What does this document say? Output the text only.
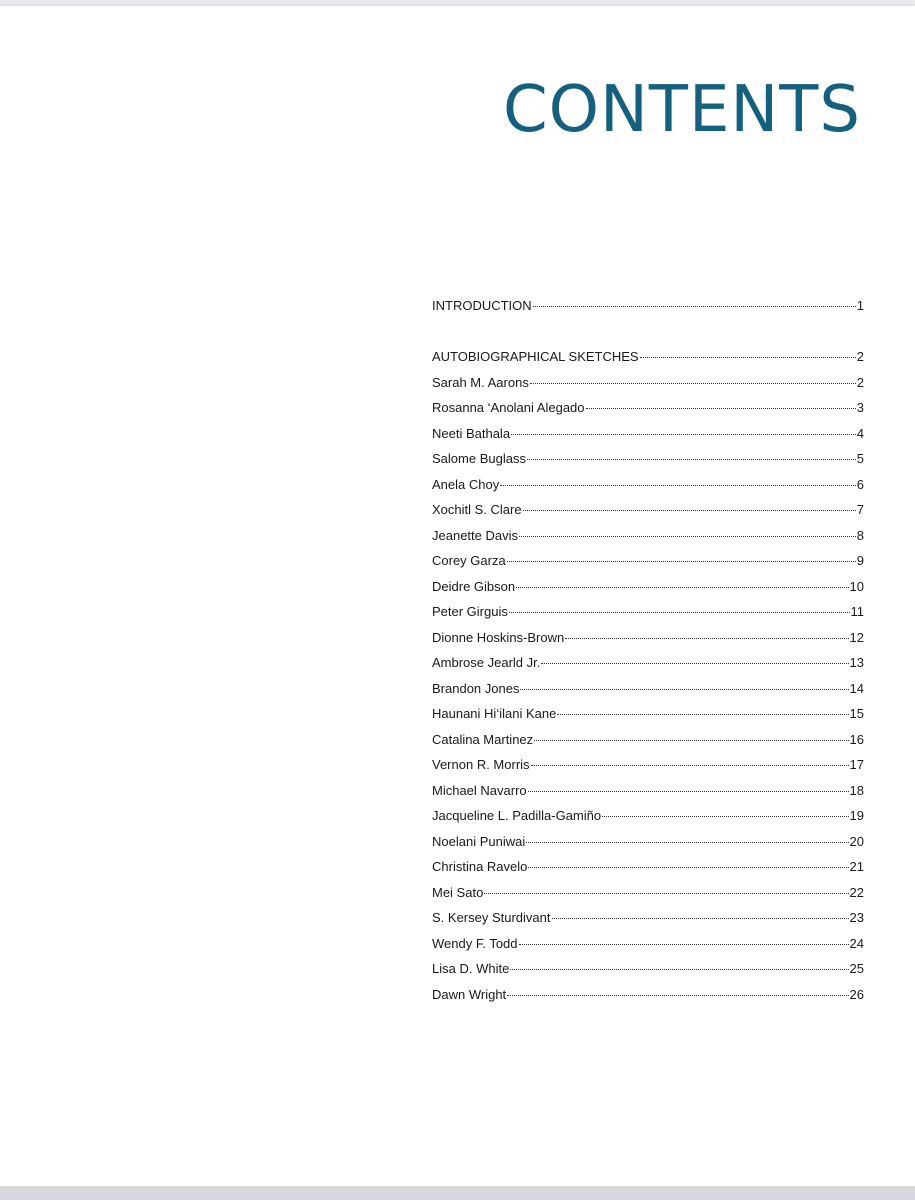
CONTENTS
INTRODUCTION	1
AUTOBIOGRAPHICAL SKETCHES	2
Sarah M. Aarons	2
Rosanna ‘Anolani Alegado	3
Neeti Bathala	4
Salome Buglass	5
Anela Choy	6
Xochitl S. Clare	7
Jeanette Davis	8
Corey Garza	9
Deidre Gibson	10
Peter Girguis	11
Dionne Hoskins-Brown	12
Ambrose Jearld Jr.	13
Brandon Jones	14
Haunani Hi‘ilani Kane	15
Catalina Martinez	16
Vernon R. Morris	17
Michael Navarro	18
Jacqueline L. Padilla-Gamiño	19
Noelani Puniwai	20
Christina Ravelo	21
Mei Sato	22
S. Kersey Sturdivant	23
Wendy F. Todd	24
Lisa D. White	25
Dawn Wright	26
